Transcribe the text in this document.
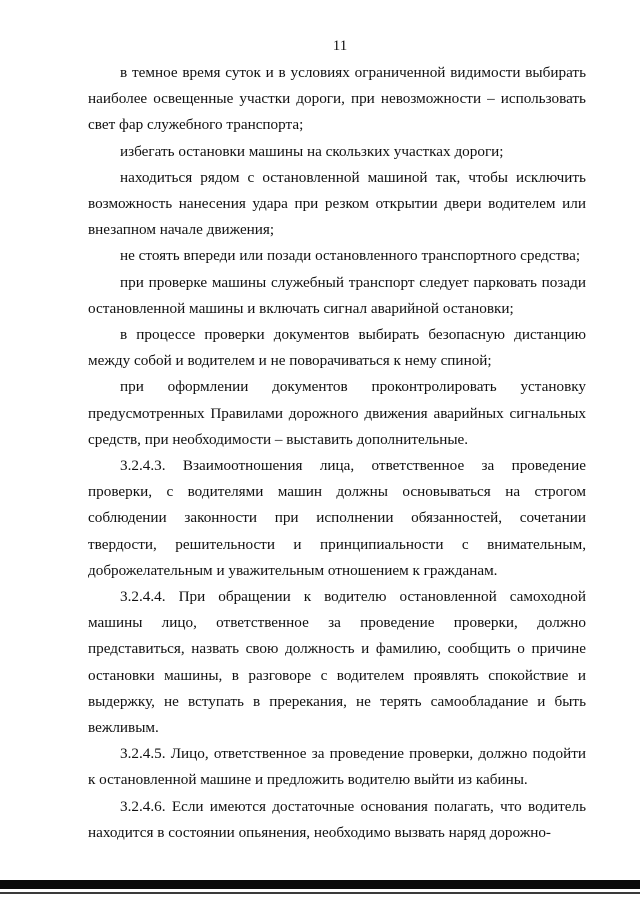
11

в темное время суток и в условиях ограниченной видимости выбирать наиболее освещенные участки дороги, при невозможности – использовать свет фар служебного транспорта;

избегать остановки машины на скользких участках дороги;

находиться рядом с остановленной машиной так, чтобы исключить возможность нанесения удара при резком открытии двери водителем или внезапном начале движения;

не стоять впереди или позади остановленного транспортного средства;

при проверке машины служебный транспорт следует парковать позади остановленной машины и включать сигнал аварийной остановки;

в процессе проверки документов выбирать безопасную дистанцию между собой и водителем и не поворачиваться к нему спиной;

при оформлении документов проконтролировать установку предусмотренных Правилами дорожного движения аварийных сигнальных средств, при необходимости – выставить дополнительные.

3.2.4.3. Взаимоотношения лица, ответственное за проведение проверки, с водителями машин должны основываться на строгом соблюдении законности при исполнении обязанностей, сочетании твердости, решительности и принципиальности с внимательным, доброжелательным и уважительным отношением к гражданам.

3.2.4.4. При обращении к водителю остановленной самоходной машины лицо, ответственное за проведение проверки, должно представиться, назвать свою должность и фамилию, сообщить о причине остановки машины, в разговоре с водителем проявлять спокойствие и выдержку, не вступать в пререкания, не терять самообладание и быть вежливым.

3.2.4.5. Лицо, ответственное за проведение проверки, должно подойти к остановленной машине и предложить водителю выйти из кабины.

3.2.4.6. Если имеются достаточные основания полагать, что водитель находится в состоянии опьянения, необходимо вызвать наряд дорожно-
